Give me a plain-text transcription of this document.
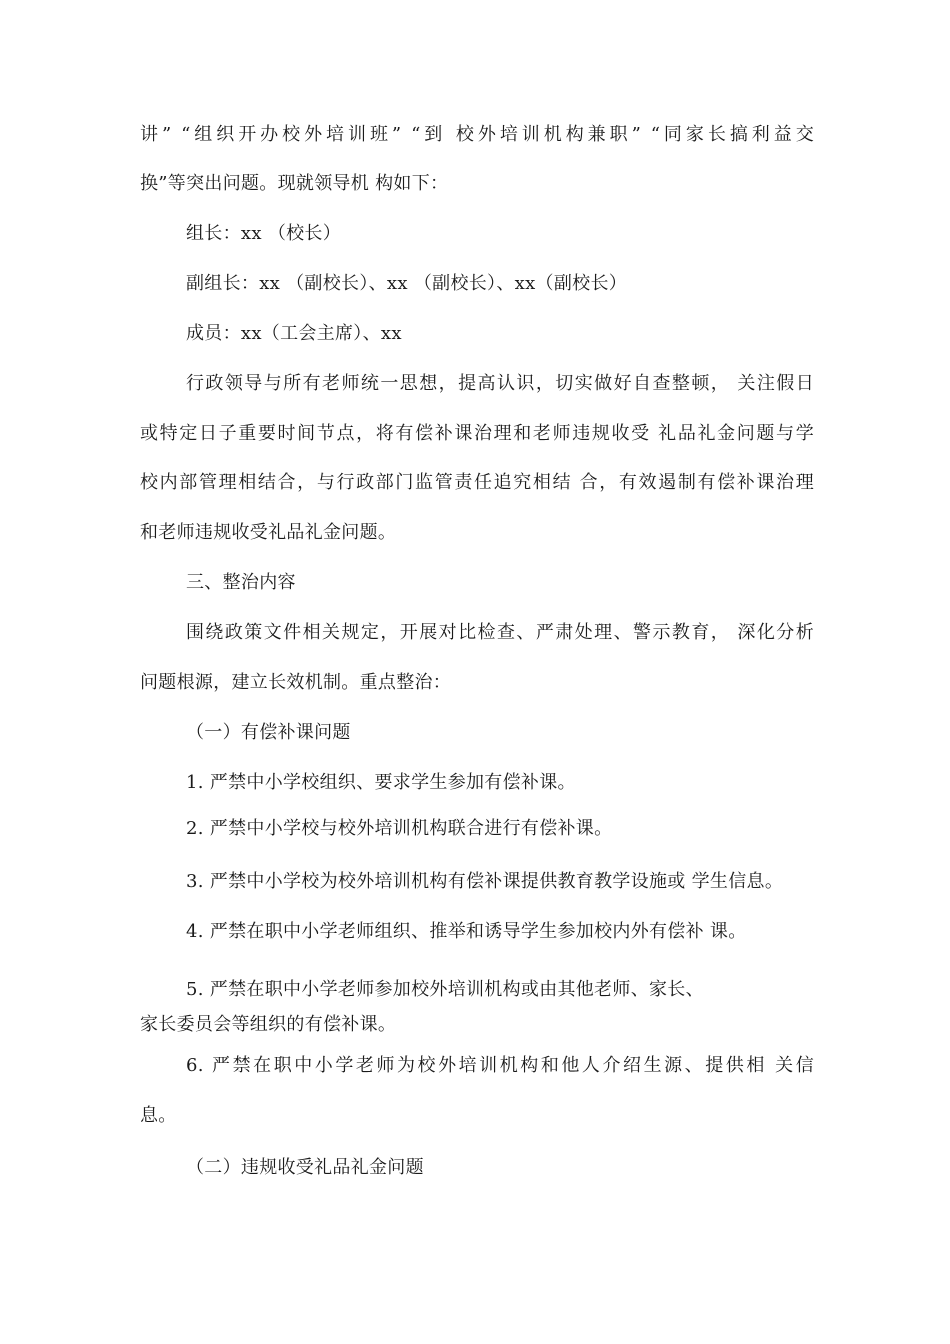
讲” “组织开办校外培训班” “到 校外培训机构兼职” “同家长搞利益交
换”等突出问题。现就领导机 构如下：
组长：xx （校长）
副组长：xx （副校长）、xx （副校长）、xx（副校长）
成员：xx（工会主席）、xx
行政领导与所有老师统一思想，提高认识，切实做好自查整顿， 关注假日
或特定日子重要时间节点，将有偿补课治理和老师违规收受 礼品礼金问题与学
校内部管理相结合，与行政部门监管责任追究相结 合，有效遏制有偿补课治理
和老师违规收受礼品礼金问题。
三、整治内容
围绕政策文件相关规定，开展对比检查、严肃处理、警示教育， 深化分析
问题根源，建立长效机制。重点整治：
（一）有偿补课问题
1. 严禁中小学校组织、要求学生参加有偿补课。
2. 严禁中小学校与校外培训机构联合进行有偿补课。
3. 严禁中小学校为校外培训机构有偿补课提供教育教学设施或 学生信息。
4. 严禁在职中小学老师组织、推举和诱导学生参加校内外有偿补 课。
5. 严禁在职中小学老师参加校外培训机构或由其他老师、家长、
家长委员会等组织的有偿补课。
6. 严禁在职中小学老师为校外培训机构和他人介绍生源、提供相 关信
息。
（二）违规收受礼品礼金问题
